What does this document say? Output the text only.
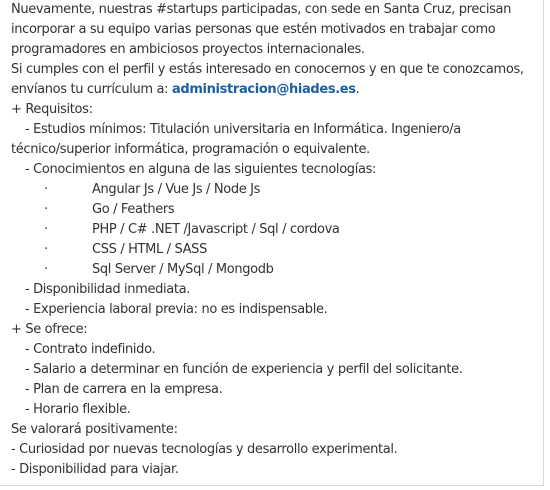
Nuevamente, nuestras #startups participadas, con sede en Santa Cruz, precisan
incorporar a su equipo varias personas que estén motivados en trabajar como
programadores en ambiciosos proyectos internacionales.
Si cumples con el perfil y estás interesado en conocernos y en que te conozcamos,
envíanos tu currículum a: administracion@hiades.es.
+ Requisitos:
- Estudios mínimos: Titulación universitaria en Informática. Ingeniero/a
técnico/superior informática, programación o equivalente.
- Conocimientos en alguna de las siguientes tecnologías:
·	Angular Js / Vue Js / Node Js
·	Go / Feathers
·	PHP / C# .NET /Javascript / Sql / cordova
·	CSS / HTML / SASS
·	Sql Server / MySql / Mongodb
- Disponibilidad inmediata.
- Experiencia laboral previa: no es indispensable.
+ Se ofrece:
- Contrato indefinido.
- Salario a determinar en función de experiencia y perfil del solicitante.
- Plan de carrera en la empresa.
- Horario flexible.
Se valorará positivamente:
- Curiosidad por nuevas tecnologías y desarrollo experimental.
- Disponibilidad para viajar.
